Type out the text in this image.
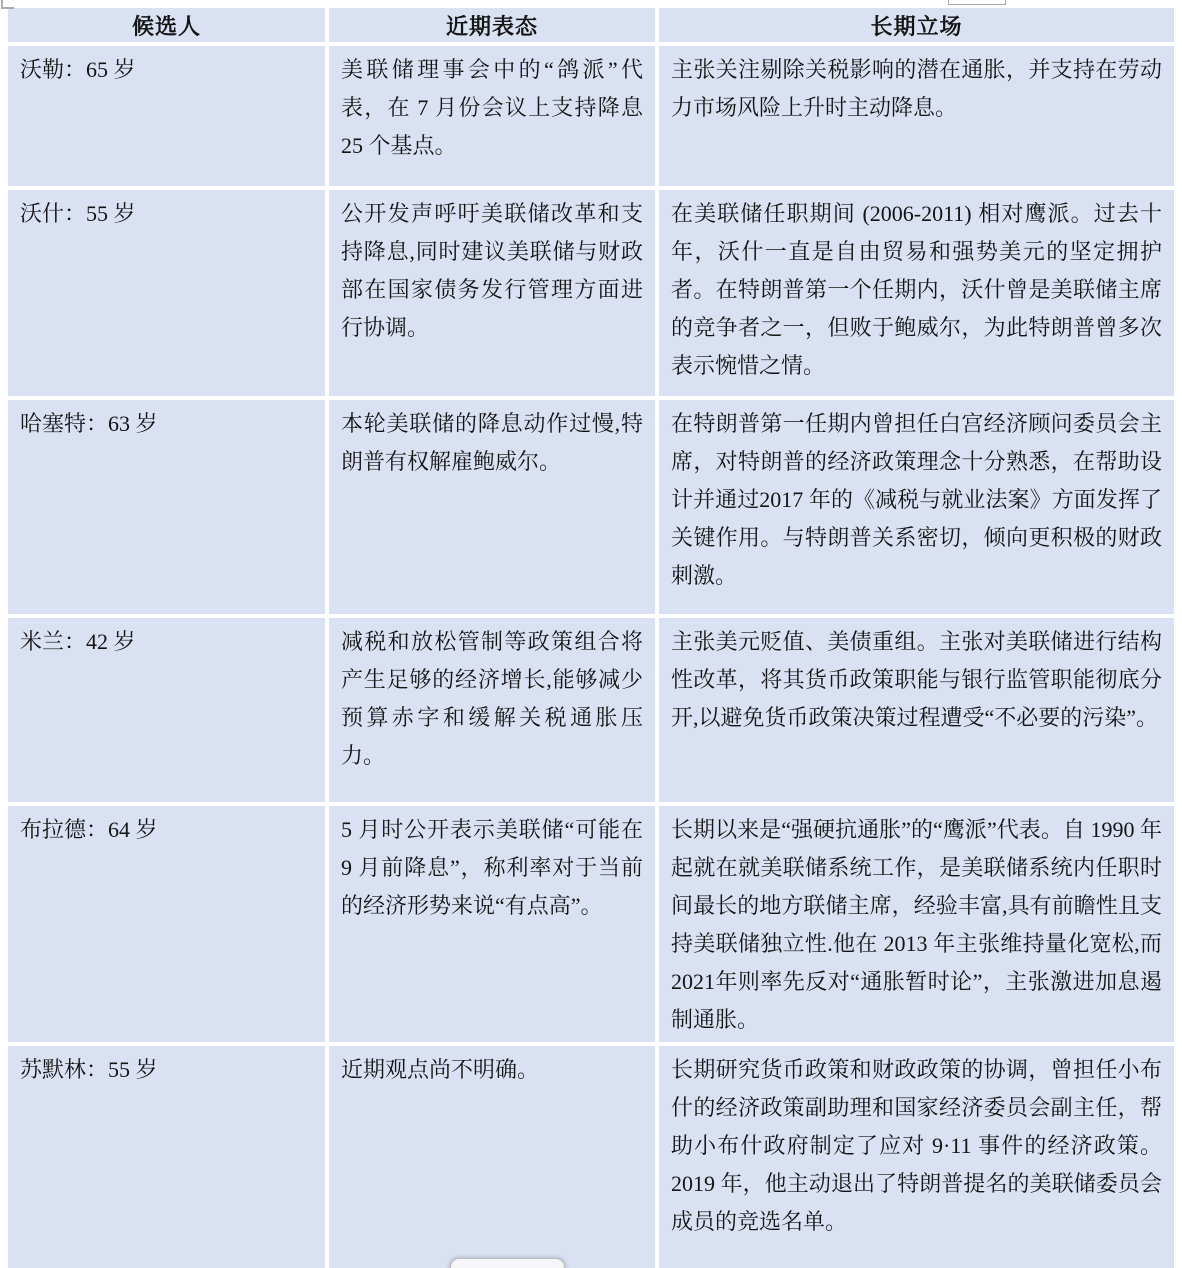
候选人	近期表态	长期立场
沃勒：65 岁	美联储理事会中的“鸽派”代表，在 7 月份会议上支持降息 25 个基点。	主张关注剔除关税影响的潜在通胀，并支持在劳动力市场风险上升时主动降息。
沃什：55 岁	公开发声呼吁美联储改革和支持降息,同时建议美联储与财政部在国家债务发行管理方面进行协调。	在美联储任职期间 (2006-2011) 相对鹰派。过去十年，沃什一直是自由贸易和强势美元的坚定拥护者。在特朗普第一个任期内，沃什曾是美联储主席的竞争者之一，但败于鲍威尔，为此特朗普曾多次表示惋惜之情。
哈塞特：63 岁	本轮美联储的降息动作过慢,特朗普有权解雇鲍威尔。	在特朗普第一任期内曾担任白宫经济顾问委员会主席，对特朗普的经济政策理念十分熟悉，在帮助设计并通过2017 年的《减税与就业法案》方面发挥了关键作用。与特朗普关系密切，倾向更积极的财政刺激。
米兰：42 岁	减税和放松管制等政策组合将产生足够的经济增长,能够减少预算赤字和缓解关税通胀压力。	主张美元贬值、美债重组。主张对美联储进行结构性改革，将其货币政策职能与银行监管职能彻底分开,以避免货币政策决策过程遭受“不必要的污染”。
布拉德：64 岁	5 月时公开表示美联储“可能在 9 月前降息”，称利率对于当前的经济形势来说“有点高”。	长期以来是“强硬抗通胀”的“鹰派”代表。自 1990 年起就在就美联储系统工作，是美联储系统内任职时间最长的地方联储主席，经验丰富,具有前瞻性且支持美联储独立性.他在 2013 年主张维持量化宽松,而2021年则率先反对“通胀暂时论”，主张激进加息遏制通胀。
苏默林：55 岁	近期观点尚不明确。	长期研究货币政策和财政政策的协调，曾担任小布什的经济政策副助理和国家经济委员会副主任，帮助小布什政府制定了应对 9·11 事件的经济政策。2019 年，他主动退出了特朗普提名的美联储委员会成员的竞选名单。
